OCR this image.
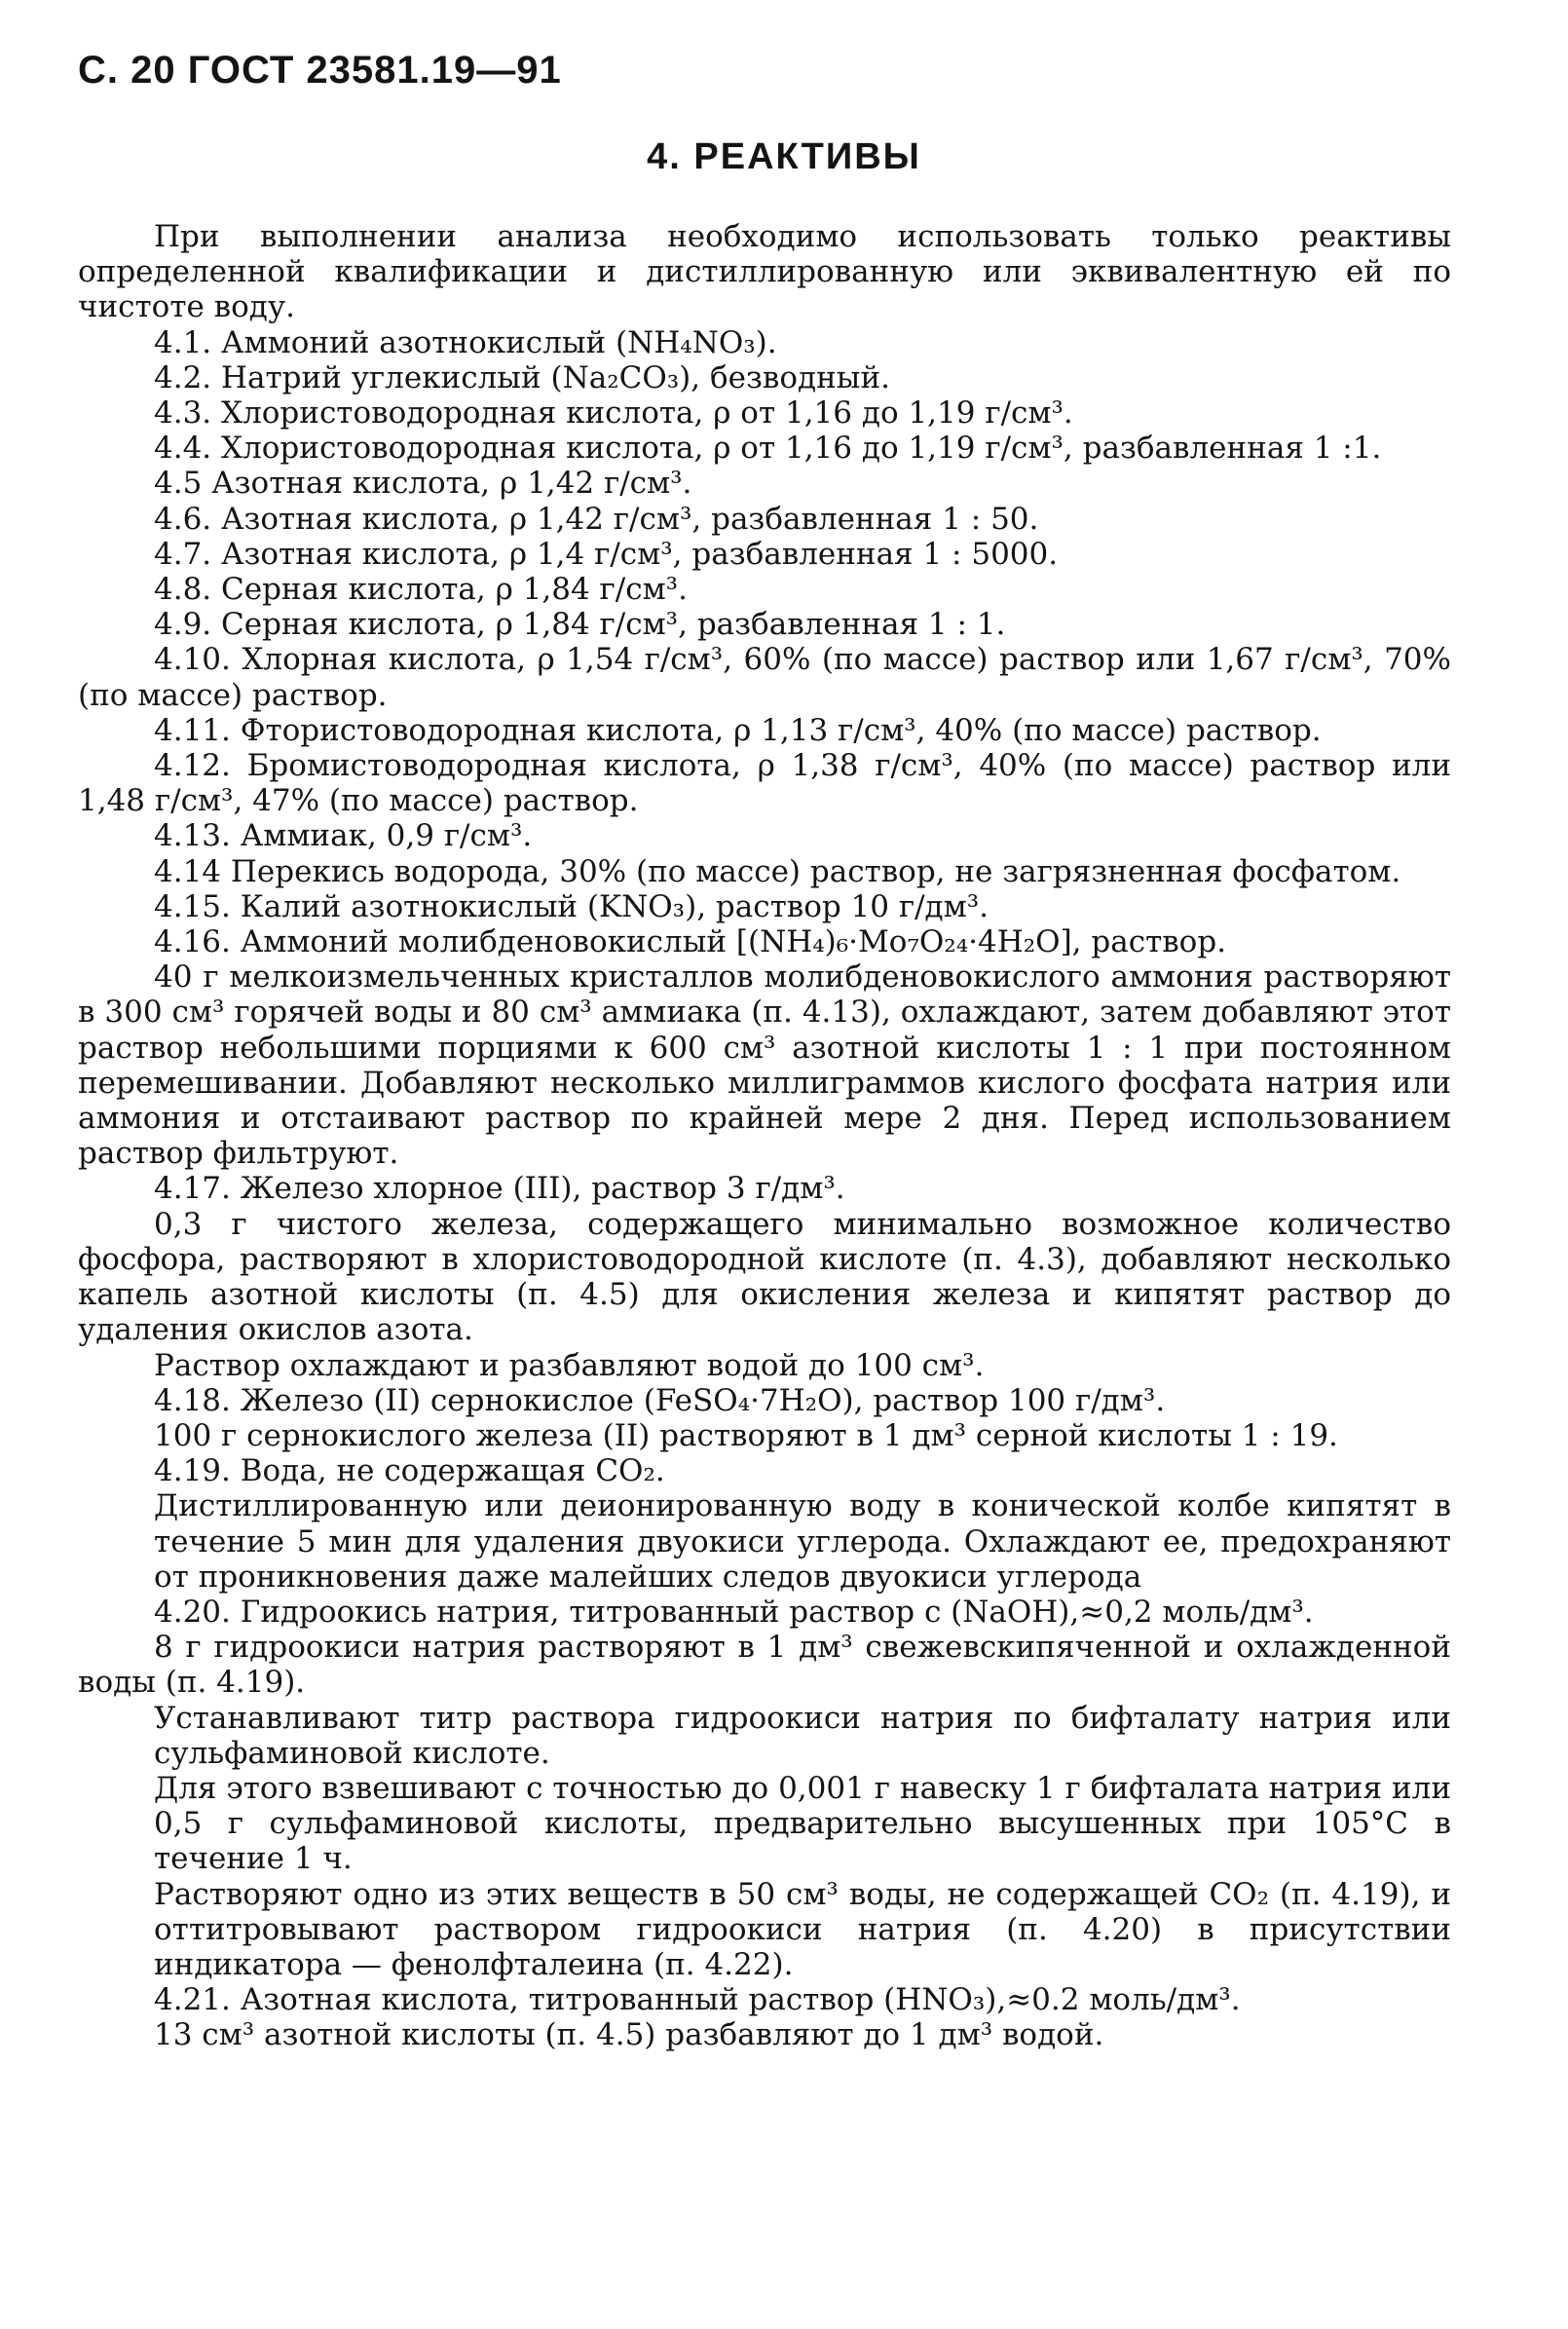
С. 20 ГОСТ 23581.19—91
4. РЕАКТИВЫ
При выполнении анализа необходимо использовать только реактивы определенной квалификации и дистиллированную или эквивалентную ей по чистоте воду.
4.1. Аммоний азотнокислый (NH₄NO₃).
4.2. Натрий углекислый (Na₂CO₃), безводный.
4.3. Хлористоводородная кислота, ρ от 1,16 до 1,19 г/см³.
4.4. Хлористоводородная кислота, ρ от 1,16 до 1,19 г/см³, разбавленная 1 :1.
4.5 Азотная кислота, ρ 1,42 г/см³.
4.6. Азотная кислота, ρ 1,42 г/см³, разбавленная 1 : 50.
4.7. Азотная кислота, ρ 1,4 г/см³, разбавленная 1 : 5000.
4.8. Серная кислота, ρ 1,84 г/см³.
4.9. Серная кислота, ρ 1,84 г/см³, разбавленная 1 : 1.
4.10. Хлорная кислота, ρ 1,54 г/см³, 60% (по массе) раствор или 1,67 г/см³, 70% (по массе) раствор.
4.11. Фтористоводородная кислота, ρ 1,13 г/см³, 40% (по массе) раствор.
4.12. Бромистоводородная кислота, ρ 1,38 г/см³, 40% (по массе) раствор или 1,48 г/см³, 47% (по массе) раствор.
4.13. Аммиак, 0,9 г/см³.
4.14 Перекись водорода, 30% (по массе) раствор, не загрязненная фосфатом.
4.15. Калий азотнокислый (KNO₃), раствор 10 г/дм³.
4.16. Аммоний молибденовокислый [(NH₄)₆·Mo₇O₂₄·4H₂O], раствор.
40 г мелкоизмельченных кристаллов молибденовокислого аммония растворяют в 300 см³ горячей воды и 80 см³ аммиака (п. 4.13), охлаждают, затем добавляют этот раствор небольшими порциями к 600 см³ азотной кислоты 1 : 1 при постоянном перемешивании. Добавляют несколько миллиграммов кислого фосфата натрия или аммония и отстаивают раствор по крайней мере 2 дня. Перед использованием раствор фильтруют.
4.17. Железо хлорное (III), раствор 3 г/дм³.
0,3 г чистого железа, содержащего минимально возможное количество фосфора, растворяют в хлористоводородной кислоте (п. 4.3), добавляют несколько капель азотной кислоты (п. 4.5) для окисления железа и кипятят раствор до удаления окислов азота.
Раствор охлаждают и разбавляют водой до 100 см³.
4.18. Железо (II) сернокислое (FeSO₄·7H₂O), раствор 100 г/дм³.
100 г сернокислого железа (II) растворяют в 1 дм³ серной кислоты 1 : 19.
4.19. Вода, не содержащая CO₂.
Дистиллированную или деионированную воду в конической колбе кипятят в течение 5 мин для удаления двуокиси углерода. Охлаждают ее, предохраняют от проникновения даже малейших следов двуокиси углерода
4.20. Гидроокись натрия, титрованный раствор с (NaOH),≈0,2 моль/дм³.
8 г гидроокиси натрия растворяют в 1 дм³ свежевскипяченной и охлажденной воды (п. 4.19).
Устанавливают титр раствора гидроокиси натрия по бифталату натрия или сульфаминовой кислоте.
Для этого взвешивают с точностью до 0,001 г навеску 1 г бифталата натрия или 0,5 г сульфаминовой кислоты, предварительно высушенных при 105°С в течение 1 ч.
Растворяют одно из этих веществ в 50 см³ воды, не содержащей CO₂ (п. 4.19), и оттитровывают раствором гидроокиси натрия (п. 4.20) в присутствии индикатора — фенолфталеина (п. 4.22).
4.21. Азотная кислота, титрованный раствор (HNO₃),≈0.2 моль/дм³.
13 см³ азотной кислоты (п. 4.5) разбавляют до 1 дм³ водой.
